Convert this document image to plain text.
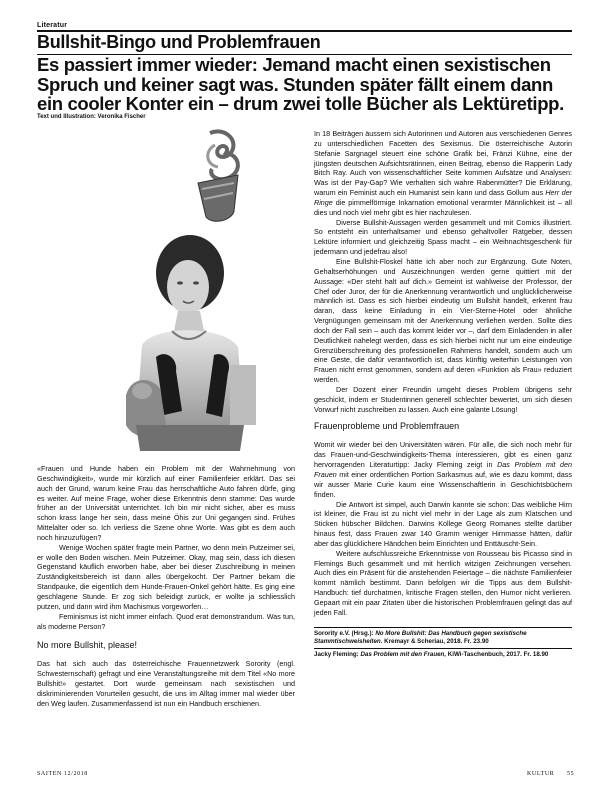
Literatur
Bullshit-Bingo und Problemfrauen
Es passiert immer wieder: Jemand macht einen sexistischen Spruch und keiner sagt was. Stunden später fällt einem dann ein cooler Konter ein – drum zwei tolle Bücher als Lektüretipp.
Text und Illustration: Veronika Fischer

«Frauen und Hunde haben ein Problem mit der Wahrnehmung von Geschwindigkeit», wurde mir kürzlich auf einer Familienfeier erklärt. Das sei auch der Grund, warum keine Frau das herrschaftliche Auto fahren dürfe, ging es weiter. Auf meine Frage, woher diese Erkenntnis denn stamme: Das wurde früher an der Universität unterrichtet. Ich bin mir nicht sicher, aber es muss schon krass lange her sein, dass meine Öhis zur Uni gegangen sind. Frühes Mittelalter oder so. Ich verliess die Szene ohne Worte. Was gibt es dem auch noch hinzuzufügen?

Wenige Wochen später fragte mein Partner, wo denn mein Putzeimer sei, er wolle den Boden wischen. Mein Putzeimer. Okay, mag sein, dass ich diesen Gegenstand käuflich erworben habe, aber bei dieser Zuschreibung in meinen Zuständigkeitsbereich ist dann alles übergekocht. Der Partner bekam die Standpauke, die eigentlich dem Hunde-Frauen-Onkel gehört hätte. Es ging eine geschlagene Stunde. Er zog sich beleidigt zurück, er wollte ja schliesslich putzen, und dann wird ihm Machismus vorgeworfen…

Feminismus ist nicht immer einfach. Quod erat demonstrandum. Was tun, als moderne Person?

No more Bullshit, please!

Das hat sich auch das österreichische Frauennetzwerk Sorority (engl. Schwesternschaft) gefragt und eine Veranstaltungsreihe mit dem Titel «No more Bullshit!» gestartet. Dort wurde gemeinsam nach sexistischen und diskriminierenden Vorurteilen gesucht, die uns im Alltag immer mal wieder über den Weg laufen. Zusammenfassend ist nun ein Handbuch erschienen.

In 18 Beiträgen äussern sich Autorinnen und Autoren aus verschiedenen Genres zu unterschiedlichen Facetten des Sexismus. Die österreichische Autorin Stefanie Sargnagel steuert eine schöne Grafik bei, Fränzi Kühne, eine der jüngsten deutschen Aufsichtsrätinnen, einen Beitrag, ebenso die Rapperin Lady Bitch Ray. Auch von wissenschaftlicher Seite kommen Aufsätze und Analysen: Was ist der Pay-Gap? Wie verhalten sich wahre Rabenmütter? Die Erklärung, warum ein Feminist auch ein Humanist sein kann und dass Gollum aus Herr der Ringe die pimmelförmige Inkarnation emotional verarmter Männlichkeit ist – all dies und noch viel mehr gibt es hier nachzulesen.

Diverse Bullshit-Aussagen werden gesammelt und mit Comics illustriert. So entsteht ein unterhaltsamer und ebenso gehaltvoller Ratgeber, dessen Lektüre informiert und gleichzeitig Spass macht – ein Weihnachtsgeschenk für jedermann und jedefrau also!

Eine Bullshit-Floskel hätte ich aber noch zur Ergänzung. Gute Noten, Gehaltserhöhungen und Auszeichnungen werden gerne quittiert mit der Aussage: «Der steht halt auf dich.» Gemeint ist wahlweise der Professor, der Chef oder Juror, der für die Anerkennung verantwortlich und unglücklicherweise männlich ist. Dass es sich hierbei eindeutig um Bullshit handelt, erkennt frau daran, dass keine Einladung in ein Vier-Sterne-Hotel oder ähnliche Vergnügungen gemeinsam mit der Anerkennung verliehen werden. Sollte dies doch der Fall sein – auch das kommt leider vor –, darf dem Einladenden in aller Deutlichkeit nahelegt werden, dass es sich hierbei nicht nur um eine eindeutige Grenzüberschreitung des professionellen Rahmens handelt, sondern auch um eine Geste, die dafür verantwortlich ist, dass künftig weiterhin Leistungen von Frauen nicht ernst genommen, sondern auf deren «Funktion als Frau» reduziert werden.

Der Dozent einer Freundin umgeht dieses Problem übrigens sehr geschickt, indem er Studentinnen generell schlechter bewertet, um sich diesen Vorwurf nicht zuschreiben zu lassen. Auch eine galante Lösung!

Frauenprobleme und Problemfrauen

Womit wir wieder bei den Universitäten wären. Für alle, die sich noch mehr für das Frauen-und-Geschwindigkeits-Thema interessieren, gibt es einen ganz hervorragenden Literaturtipp: Jacky Fleming zeigt in Das Problem mit den Frauen mit einer ordentlichen Portion Sarkasmus auf, wie es dazu kommt, dass wir ausser Marie Curie kaum eine Wissenschaftlerin in Geschichtsbüchern finden.

Die Antwort ist simpel, auch Darwin kannte sie schon: Das weibliche Hirn ist kleiner, die Frau ist zu nicht viel mehr in der Lage als zum Klatschen und Sticken hübscher Bildchen. Darwins Kollege Georg Romanes stellte darüber hinaus fest, dass Frauen zwar 140 Gramm weniger Hirnmasse hätten, dafür aber das glücklichere Händchen beim Einrichten und Enttäuscht-Sein.

Weitere aufschlussreiche Erkenntnisse von Rousseau bis Picasso sind in Flemings Buch gesammelt und mit herrlich witzigen Zeichnungen versehen. Auch dies ein Präsent für die anstehenden Feiertage – die nächste Familienfeier kommt nämlich bestimmt. Dann befolgen wir die Tipps aus dem Bullshit-Handbuch: tief durchatmen, kritische Fragen stellen, den Humor nicht verlieren. Gepaart mit ein paar Zitaten über die historischen Problemfrauen gelingt das auf jeden Fall.

Sorority e.V. (Hrsg.): No More Bullshit: Das Handbuch gegen sexistische Stammtischweisheiten. Kremayr & Scheriau, 2018. Fr. 23.90

Jacky Fleming: Das Problem mit den Frauen, KiWi-Taschenbuch, 2017. Fr. 18.90

SAITEN 12/2018	KULTUR      55
